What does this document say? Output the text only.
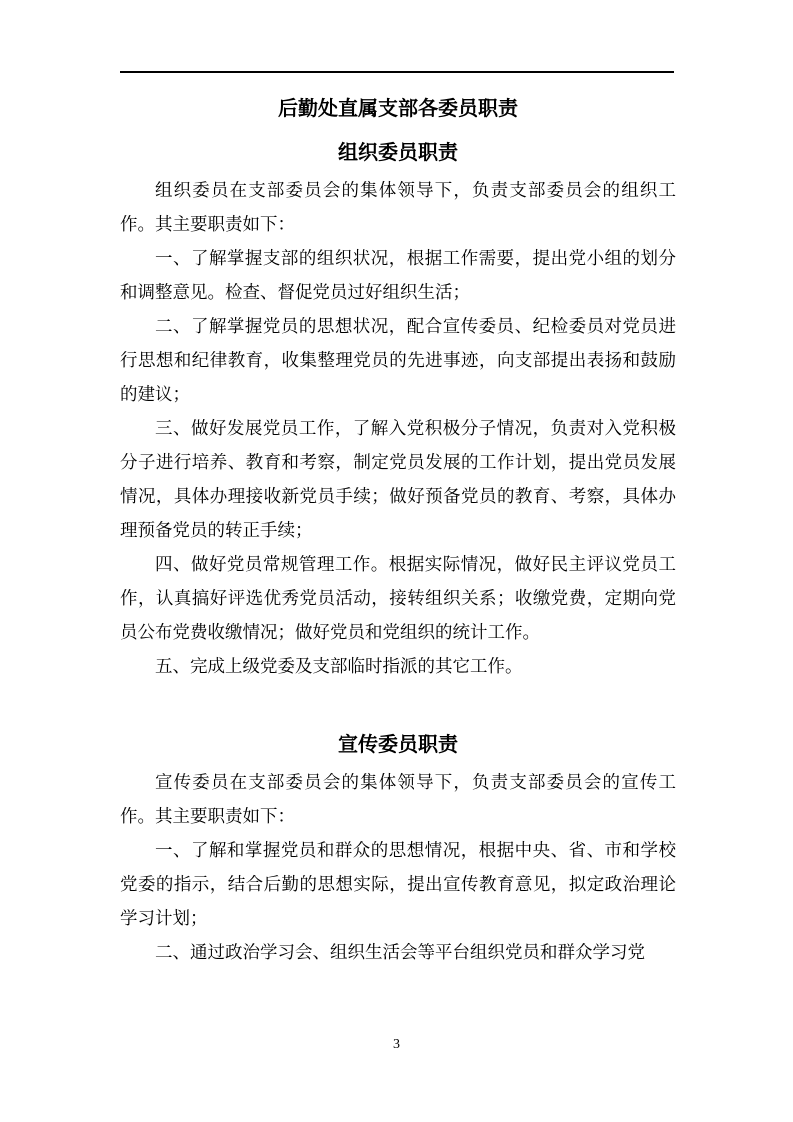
后勤处直属支部各委员职责
组织委员职责

组织委员在支部委员会的集体领导下，负责支部委员会的组织工作。其主要职责如下：

一、了解掌握支部的组织状况，根据工作需要，提出党小组的划分和调整意见。检查、督促党员过好组织生活；

二、了解掌握党员的思想状况，配合宣传委员、纪检委员对党员进行思想和纪律教育，收集整理党员的先进事迹，向支部提出表扬和鼓励的建议；

三、做好发展党员工作，了解入党积极分子情况，负责对入党积极分子进行培养、教育和考察，制定党员发展的工作计划，提出党员发展情况，具体办理接收新党员手续；做好预备党员的教育、考察，具体办理预备党员的转正手续；

四、做好党员常规管理工作。根据实际情况，做好民主评议党员工作，认真搞好评选优秀党员活动，接转组织关系；收缴党费，定期向党员公布党费收缴情况；做好党员和党组织的统计工作。

五、完成上级党委及支部临时指派的其它工作。

宣传委员职责

宣传委员在支部委员会的集体领导下，负责支部委员会的宣传工作。其主要职责如下：

一、了解和掌握党员和群众的思想情况，根据中央、省、市和学校党委的指示，结合后勤的思想实际，提出宣传教育意见，拟定政治理论学习计划；

二、通过政治学习会、组织生活会等平台组织党员和群众学习党

3
